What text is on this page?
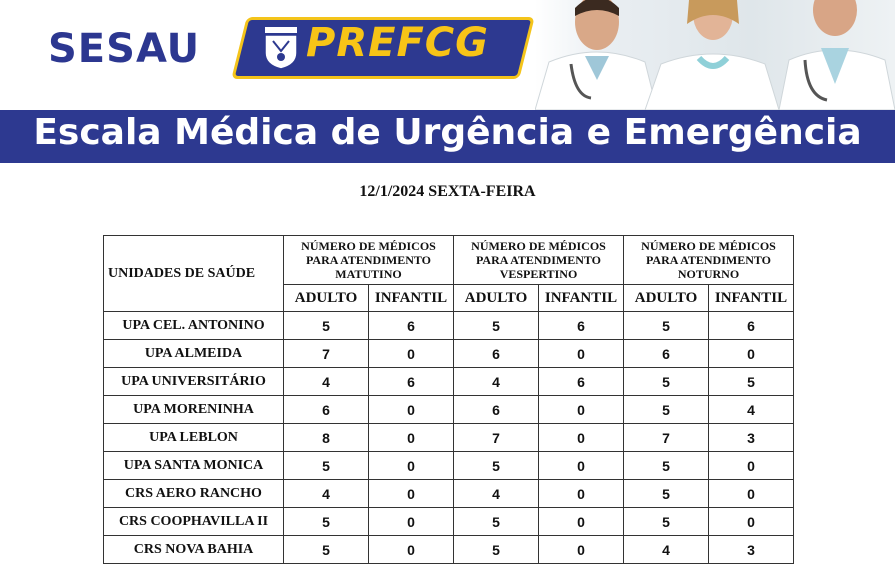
SESAU	PREFCG
Escala Médica de Urgência e Emergência
12/1/2024 SEXTA-FEIRA
UNIDADES DE SAÚDE	NÚMERO DE MÉDICOS PARA ATENDIMENTO MATUTINO		NÚMERO DE MÉDICOS PARA ATENDIMENTO VESPERTINO		NÚMERO DE MÉDICOS PARA ATENDIMENTO NOTURNO	
	ADULTO	INFANTIL	ADULTO	INFANTIL	ADULTO	INFANTIL
UPA CEL. ANTONINO	5	6	5	6	5	6
UPA ALMEIDA	7	0	6	0	6	0
UPA UNIVERSITÁRIO	4	6	4	6	5	5
UPA MORENINHA	6	0	6	0	5	4
UPA LEBLON	8	0	7	0	7	3
UPA SANTA MONICA	5	0	5	0	5	0
CRS AERO RANCHO	4	0	4	0	5	0
CRS COOPHAVILLA II	5	0	5	0	5	0
CRS NOVA BAHIA	5	0	5	0	4	3
